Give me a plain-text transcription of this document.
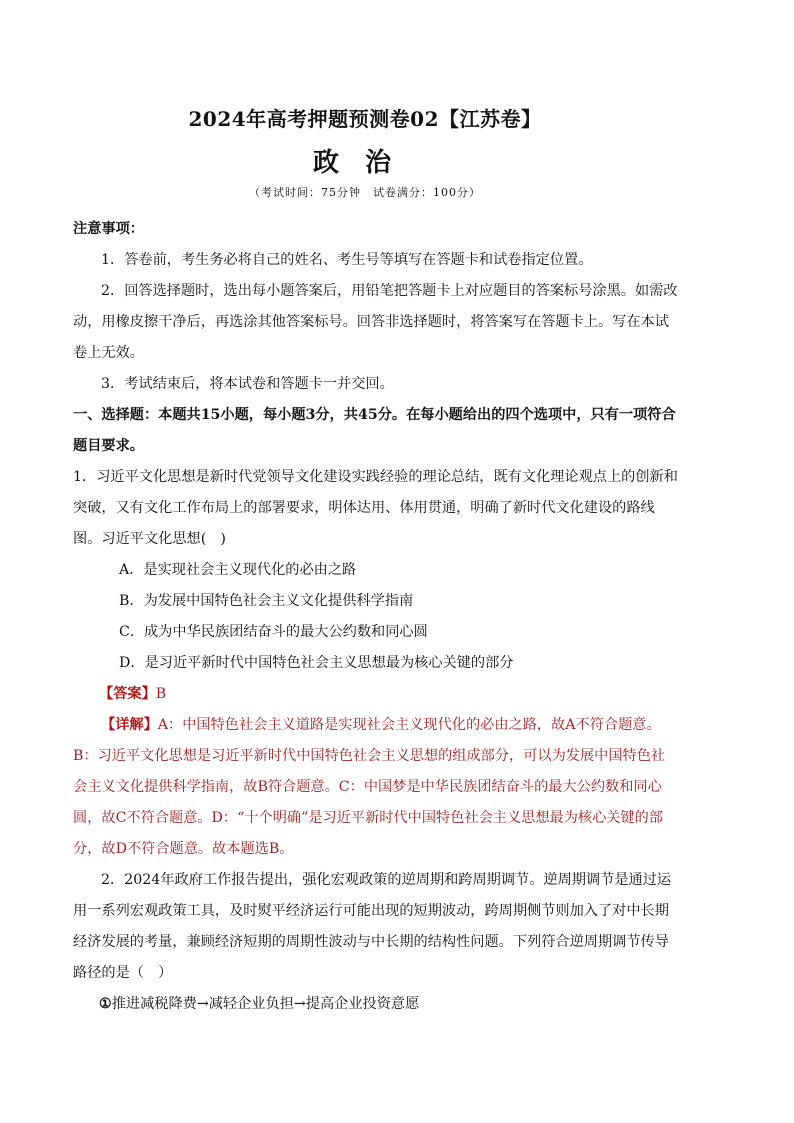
2024年高考押题预测卷02【江苏卷】
政治
（考试时间：75分钟　试卷满分：100分）

注意事项：

1．答卷前，考生务必将自己的姓名、考生号等填写在答题卡和试卷指定位置。

2．回答选择题时，选出每小题答案后，用铅笔把答题卡上对应题目的答案标号涂黑。如需改动，用橡皮擦干净后，再选涂其他答案标号。回答非选择题时，将答案写在答题卡上。写在本试卷上无效。

3．考试结束后，将本试卷和答题卡一并交回。

一、选择题：本题共15小题，每小题3分，共45分。在每小题给出的四个选项中，只有一项符合题目要求。

1．习近平文化思想是新时代党领导文化建设实践经验的理论总结，既有文化理论观点上的创新和突破，又有文化工作布局上的部署要求，明体达用、体用贯通，明确了新时代文化建设的路线图。习近平文化思想(　)

A．是实现社会主义现代化的必由之路

B．为发展中国特色社会主义文化提供科学指南

C．成为中华民族团结奋斗的最大公约数和同心圆

D．是习近平新时代中国特色社会主义思想最为核心关键的部分

【答案】B

【详解】A：中国特色社会主义道路是实现社会主义现代化的必由之路，故A不符合题意。B：习近平文化思想是习近平新时代中国特色社会主义思想的组成部分，可以为发展中国特色社会主义文化提供科学指南，故B符合题意。C：中国梦是中华民族团结奋斗的最大公约数和同心圆，故C不符合题意。D：“十个明确”是习近平新时代中国特色社会主义思想最为核心关键的部分，故D不符合题意。故本题选B。

2．2024年政府工作报告提出，强化宏观政策的逆周期和跨周期调节。逆周期调节是通过运用一系列宏观政策工具，及时熨平经济运行可能出现的短期波动，跨周期侧节则加入了对中长期经济发展的考量，兼顾经济短期的周期性波动与中长期的结构性问题。下列符合逆周期调节传导路径的是（　）

①推进减税降费→减轻企业负担→提高企业投资意愿
